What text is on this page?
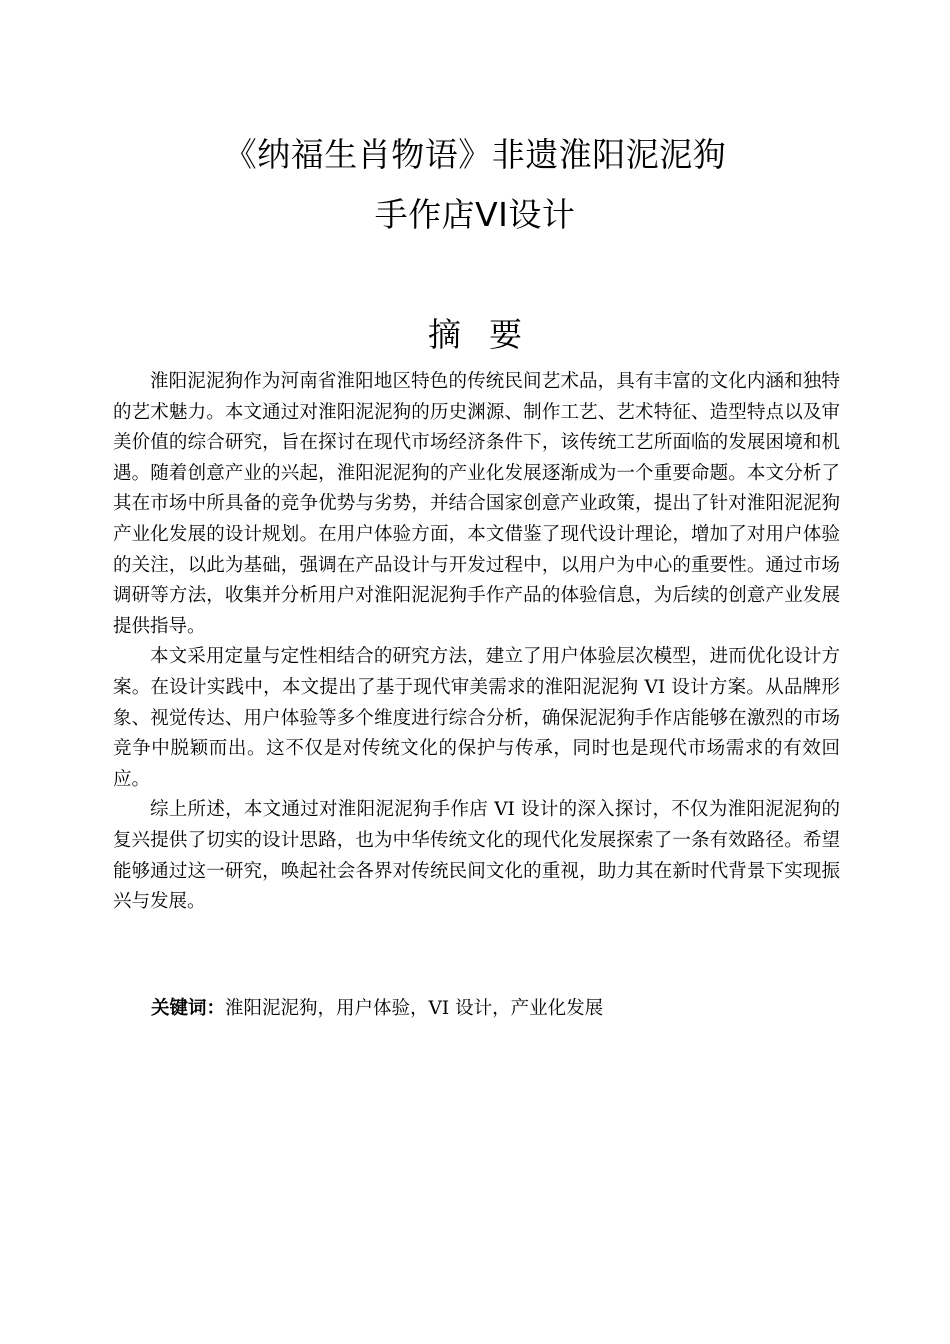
《纳福生肖物语》非遗淮阳泥泥狗
手作店VI设计
摘要

淮阳泥泥狗作为河南省淮阳地区特色的传统民间艺术品，具有丰富的文化内涵和独特的艺术魅力。本文通过对淮阳泥泥狗的历史渊源、制作工艺、艺术特征、造型特点以及审美价值的综合研究，旨在探讨在现代市场经济条件下，该传统工艺所面临的发展困境和机遇。随着创意产业的兴起，淮阳泥泥狗的产业化发展逐渐成为一个重要命题。本文分析了其在市场中所具备的竞争优势与劣势，并结合国家创意产业政策，提出了针对淮阳泥泥狗产业化发展的设计规划。在用户体验方面，本文借鉴了现代设计理论，增加了对用户体验的关注，以此为基础，强调在产品设计与开发过程中，以用户为中心的重要性。通过市场调研等方法，收集并分析用户对淮阳泥泥狗手作产品的体验信息，为后续的创意产业发展提供指导。

本文采用定量与定性相结合的研究方法，建立了用户体验层次模型，进而优化设计方案。在设计实践中，本文提出了基于现代审美需求的淮阳泥泥狗 VI 设计方案。从品牌形象、视觉传达、用户体验等多个维度进行综合分析，确保泥泥狗手作店能够在激烈的市场竞争中脱颖而出。这不仅是对传统文化的保护与传承，同时也是现代市场需求的有效回应。

综上所述，本文通过对淮阳泥泥狗手作店 VI 设计的深入探讨，不仅为淮阳泥泥狗的复兴提供了切实的设计思路，也为中华传统文化的现代化发展探索了一条有效路径。希望能够通过这一研究，唤起社会各界对传统民间文化的重视，助力其在新时代背景下实现振兴与发展。

关键词：淮阳泥泥狗，用户体验，VI 设计，产业化发展
